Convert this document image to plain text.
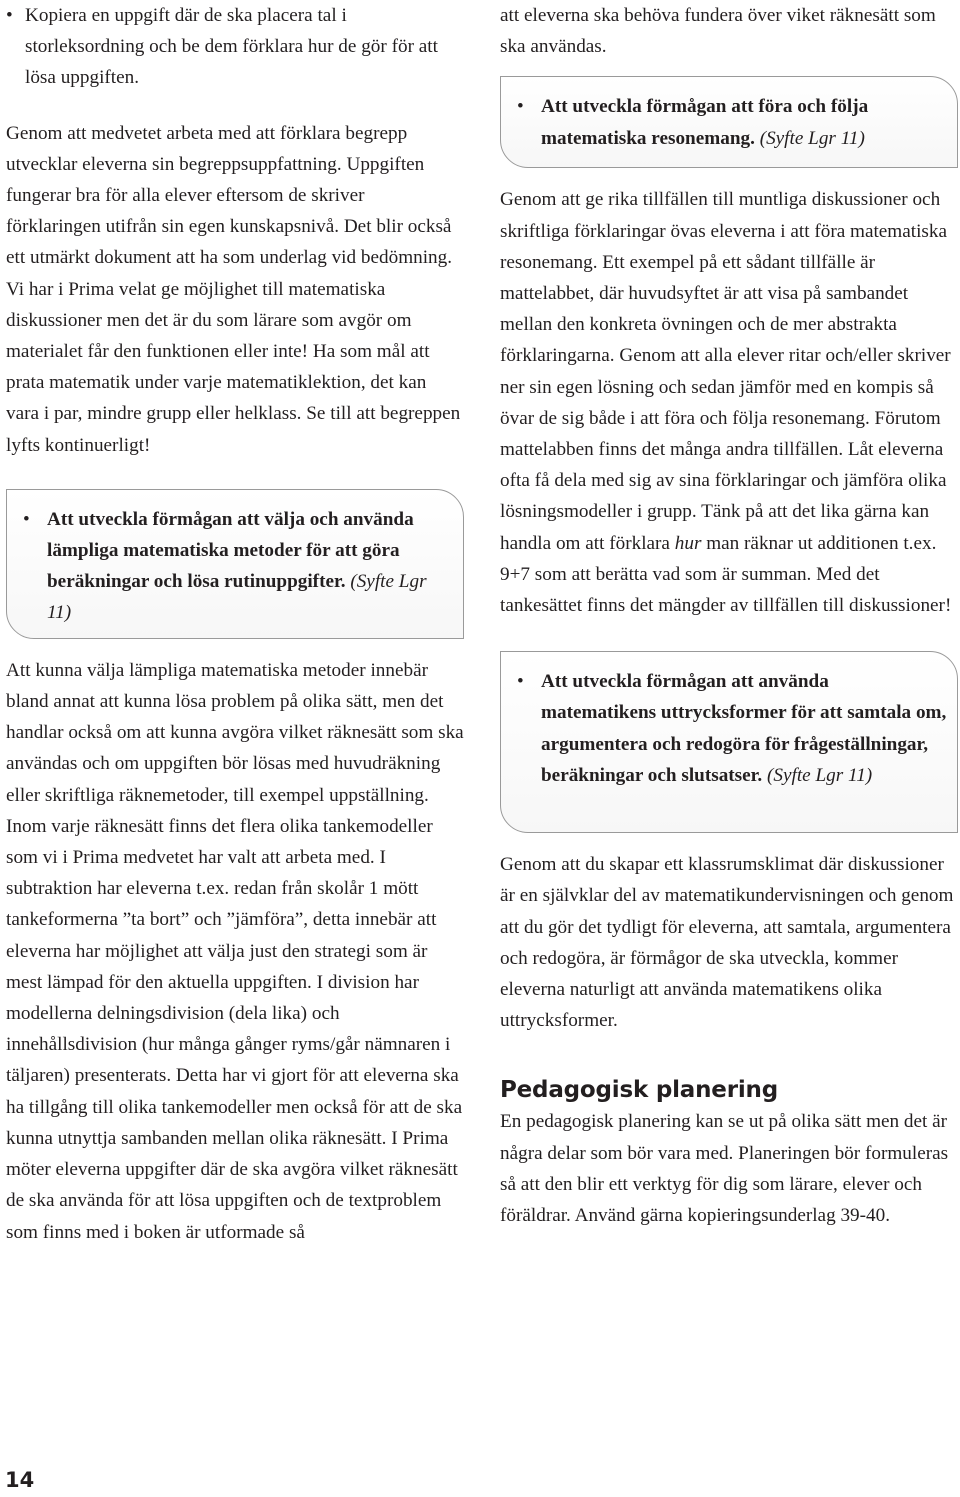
• Kopiera en uppgift där de ska placera tal i storleksordning och be dem förklara hur de gör för att lösa uppgiften.

Genom att medvetet arbeta med att förklara begrepp utvecklar eleverna sin begreppsuppfattning. Uppgiften fungerar bra för alla elever eftersom de skriver förklaringen utifrån sin egen kunskapsnivå. Det blir också ett utmärkt dokument att ha som underlag vid bedömning.

Vi har i Prima velat ge möjlighet till matematiska diskussioner men det är du som lärare som avgör om materialet får den funktionen eller inte! Ha som mål att prata matematik under varje matematiklektion, det kan vara i par, mindre grupp eller helklass. Se till att begreppen lyfts kontinuerligt!

• Att utveckla förmågan att välja och använda lämpliga matematiska metoder för att göra beräkningar och lösa rutinuppgifter. (Syfte Lgr 11)

Att kunna välja lämpliga matematiska metoder innebär bland annat att kunna lösa problem på olika sätt, men det handlar också om att kunna avgöra vilket räknesätt som ska användas och om uppgiften bör lösas med huvudräkning eller skriftliga räknemetoder, till exempel uppställning. Inom varje räknesätt finns det flera olika tankemodeller som vi i Prima medvetet har valt att arbeta med. I subtraktion har eleverna t.ex. redan från skolår 1 mött tankeformerna ”ta bort” och ”jämföra”, detta innebär att eleverna har möjlighet att välja just den strategi som är mest lämpad för den aktuella uppgiften. I division har modellerna delningsdivision (dela lika) och innehållsdivision (hur många gånger ryms/går nämnaren i täljaren) presenterats. Detta har vi gjort för att eleverna ska ha tillgång till olika tankemodeller men också för att de ska kunna utnyttja sambanden mellan olika räknesätt. I Prima möter eleverna uppgifter där de ska avgöra vilket räknesätt de ska använda för att lösa uppgiften och de textproblem som finns med i boken är utformade så

att eleverna ska behöva fundera över viket räknesätt som ska användas.

• Att utveckla förmågan att föra och följa matematiska resonemang. (Syfte Lgr 11)

Genom att ge rika tillfällen till muntliga diskussioner och skriftliga förklaringar övas eleverna i att föra matematiska resonemang. Ett exempel på ett sådant tillfälle är mattelabbet, där huvudsyftet är att visa på sambandet mellan den konkreta övningen och de mer abstrakta förklaringarna. Genom att alla elever ritar och/eller skriver ner sin egen lösning och sedan jämför med en kompis så övar de sig både i att föra och följa resonemang. Förutom mattelabben finns det många andra tillfällen. Låt eleverna ofta få dela med sig av sina förklaringar och jämföra olika lösningsmodeller i grupp. Tänk på att det lika gärna kan handla om att förklara hur man räknar ut additionen t.ex. 9+7 som att berätta vad som är summan. Med det tankesättet finns det mängder av tillfällen till diskussioner!

• Att utveckla förmågan att använda matematikens uttrycksformer för att samtala om, argumentera och redogöra för frågeställningar, beräkningar och slutsatser. (Syfte Lgr 11)

Genom att du skapar ett klassrumsklimat där diskussioner är en självklar del av matematikundervisningen och genom att du gör det tydligt för eleverna, att samtala, argumentera och redogöra, är förmågor de ska utveckla, kommer eleverna naturligt att använda matematikens olika uttrycksformer.

Pedagogisk planering

En pedagogisk planering kan se ut på olika sätt men det är några delar som bör vara med. Planeringen bör formuleras så att den blir ett verktyg för dig som lärare, elever och föräldrar. Använd gärna kopieringsunderlag 39-40.

14
